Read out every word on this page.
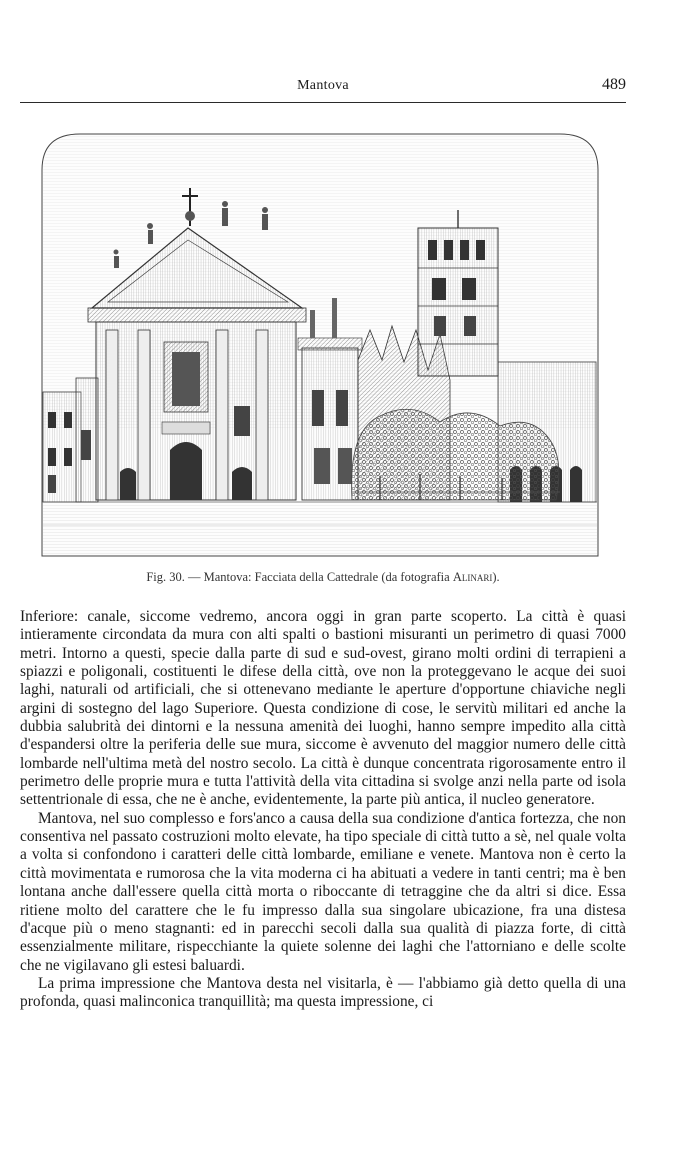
Mantova	489
Fig. 30. — Mantova: Facciata della Cattedrale (da fotografia Alinari).

Inferiore: canale, siccome vedremo, ancora oggi in gran parte scoperto. La città è quasi intieramente circondata da mura con alti spalti o bastioni misuranti un perimetro di quasi 7000 metri. Intorno a questi, specie dalla parte di sud e sud-ovest, girano molti ordini di terrapieni a spiazzi e poligonali, costituenti le difese della città, ove non la proteggevano le acque dei suoi laghi, naturali od artificiali, che si ottenevano mediante le aperture d'opportune chiaviche negli argini di sostegno del lago Superiore. Questa condizione di cose, le servitù militari ed anche la dubbia salubrità dei dintorni e la nessuna amenità dei luoghi, hanno sempre impedito alla città d'espandersi oltre la periferia delle sue mura, siccome è avvenuto del maggior numero delle città lombarde nell'ultima metà del nostro secolo. La città è dunque concentrata rigorosamente entro il perimetro delle proprie mura e tutta l'attività della vita cittadina si svolge anzi nella parte od isola settentrionale di essa, che ne è anche, evidentemente, la parte più antica, il nucleo generatore.

Mantova, nel suo complesso e fors'anco a causa della sua condizione d'antica fortezza, che non consentiva nel passato costruzioni molto elevate, ha tipo speciale di città tutto a sè, nel quale volta a volta si confondono i caratteri delle città lombarde, emiliane e venete. Mantova non è certo la città movimentata e rumorosa che la vita moderna ci ha abituati a vedere in tanti centri; ma è ben lontana anche dall'essere quella città morta o riboccante di tetraggine che da altri si dice. Essa ritiene molto del carattere che le fu impresso dalla sua singolare ubicazione, fra una distesa d'acque più o meno stagnanti: ed in parecchi secoli dalla sua qualità di piazza forte, di città essenzialmente militare, rispecchiante la quiete solenne dei laghi che l'attorniano e delle scolte che ne vigilavano gli estesi baluardi.

La prima impressione che Mantova desta nel visitarla, è — l'abbiamo già detto quella di una profonda, quasi malinconica tranquillità; ma questa impressione, ci
